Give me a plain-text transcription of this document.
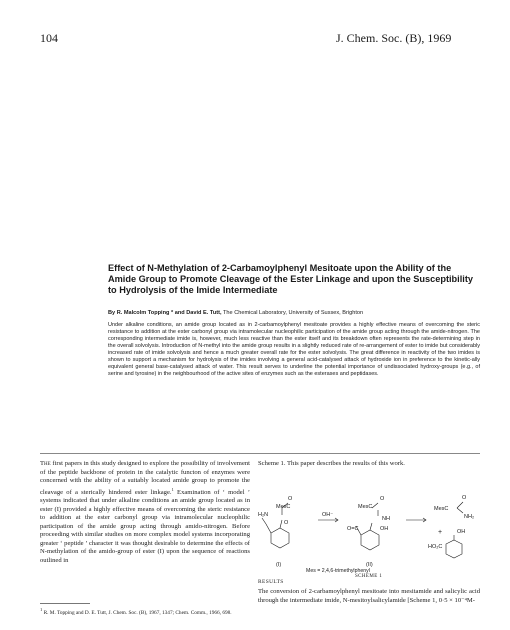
104	J. Chem. Soc. (B), 1969
Effect of N-Methylation of 2-Carbamoylphenyl Mesitoate upon the Ability of the Amide Group to Promote Cleavage of the Ester Linkage and upon the Susceptibility to Hydrolysis of the Imide Intermediate
By R. Malcolm Topping * and David E. Tutt, The Chemical Laboratory, University of Sussex, Brighton
Under alkaline conditions, an amide group located as in 2-carbamoylphenyl mesitoate provides a highly effective means of overcoming the steric resistance to addition at the ester carbonyl group via intramolecular nucleophilic participation of the amide group acting through the amide-nitrogen. The corresponding intermediate imide is, however, much less reactive than the ester itself and its breakdown often represents the rate-determining step in the overall solvolysis. Introduction of N-methyl into the amide group results in a slightly reduced rate of re-arrangement of ester to imide but considerably increased rate of imide solvolysis and hence a much greater overall rate for the ester solvolysis. The great difference in reactivity of the two imides is shown to support a mechanism for hydrolysis of the imides involving a general acid-catalysed attack of hydroxide ion in preference to the kinetic-ally equivalent general base-catalysed attack of water. This result serves to underline the potential importance of undissociated hydroxy-groups (e.g., of serine and tyrosine) in the neighbourhood of the active sites of enzymes such as the esterases and peptidases.
The first papers in this study designed to explore the possibility of involvement of the peptide backbone of protein in the catalytic functon of enzymes were concerned with the ability of a suitably located amide group to promote the cleavage of a sterically hindered ester linkage.$^1$ Examination of ‘ model ’ systems indicated that under alkaline conditions an amide group located as in ester (I) provided a highly effective means of overcoming the steric resistance to addition at the ester carbonyl group via intramolecular nucleophilic participation of the amide group acting through amido-nitrogen. Before proceeding with similar studies on more complex model systems incorporating greater ‘ peptide ’ character it was thought desirable to determine the effects of N-methylation of the amido-group of ester (I) upon the sequence of reactions outlined in
$^1$ R. M. Topping and D. E. Tutt, J. Chem. Soc. (B), 1967, 1347; Chem. Comm., 1966, 698.
Scheme 1. This paper describes the results of this work.
MesC
O
H₂N
O
(I)
OH⁻
MesC
O
NH
O=C	OH
(II)
MesC
O
NH₂
+	OH
HO₂C
Mes = 2,4,6-trimethylphenyl
SCHEME 1
RESULTS
The conversion of 2-carbamoylphenyl mesitoate into mesitamide and salicylic acid through the intermediate imide, N-mesitoylsalicylamide [Scheme 1, 0·5 × 10⁻⁴M-
